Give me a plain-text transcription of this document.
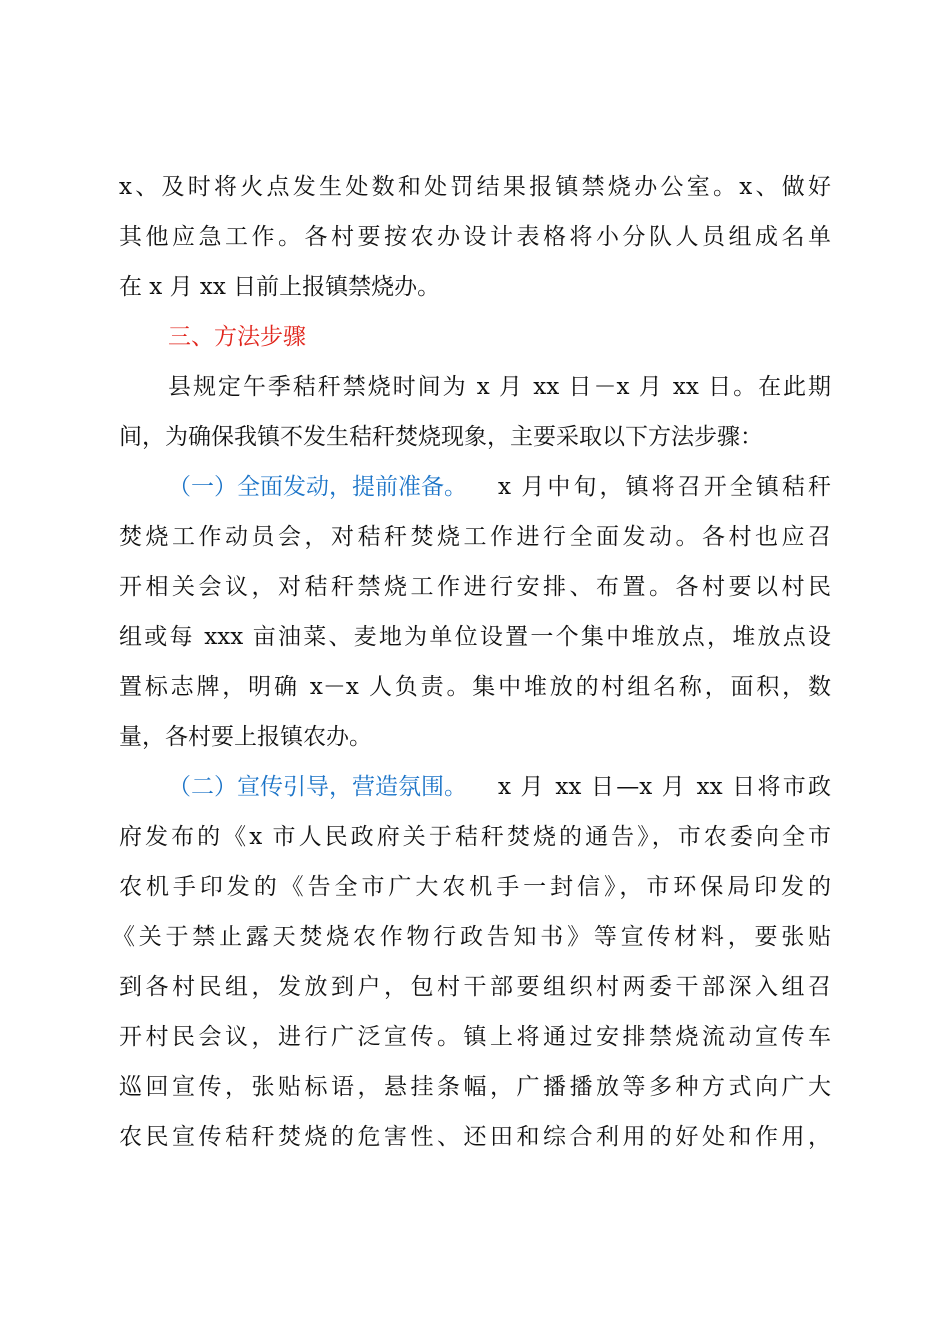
x、及时将火点发生处数和处罚结果报镇禁烧办公室。x、做好

其他应急工作。各村要按农办设计表格将小分队人员组成名单

在 x 月 xx 日前上报镇禁烧办。

三、方法步骤

县规定午季秸秆禁烧时间为 x 月 xx 日－x 月 xx 日。在此期

间，为确保我镇不发生秸秆焚烧现象，主要采取以下方法步骤：

（一）全面发动，提前准备。

x 月中旬，镇将召开全镇秸秆

焚烧工作动员会，对秸秆焚烧工作进行全面发动。各村也应召

开相关会议，对秸秆禁烧工作进行安排、布置。各村要以村民

组或每 xxx 亩油菜、麦地为单位设置一个集中堆放点，堆放点设

置标志牌，明确 x－x 人负责。集中堆放的村组名称，面积，数

量，各村要上报镇农办。

（二）宣传引导，营造氛围。

x 月 xx 日—x 月 xx 日将市政

府发布的《x 市人民政府关于秸秆焚烧的通告》，市农委向全市

农机手印发的《告全市广大农机手一封信》，市环保局印发的

《关于禁止露天焚烧农作物行政告知书》等宣传材料，要张贴

到各村民组，发放到户，包村干部要组织村两委干部深入组召

开村民会议，进行广泛宣传。镇上将通过安排禁烧流动宣传车

巡回宣传，张贴标语，悬挂条幅，广播播放等多种方式向广大

农民宣传秸秆焚烧的危害性、还田和综合利用的好处和作用，
